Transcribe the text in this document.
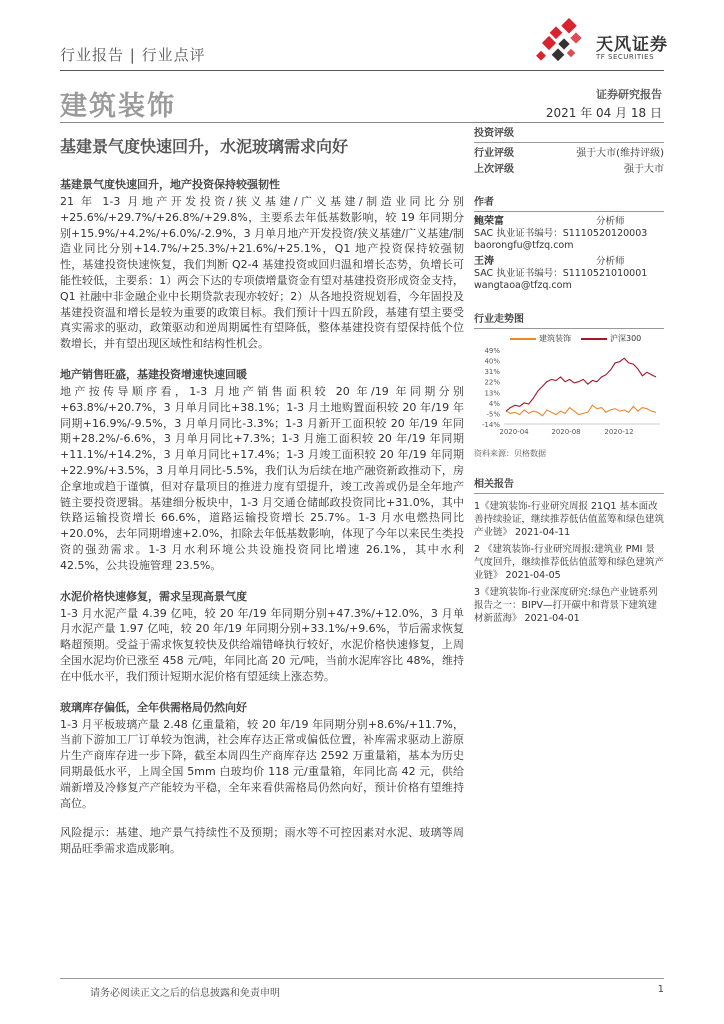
行业报告 | 行业点评	天风证券
TF SECURITIES
建筑装饰	证券研究报告
2021 年 04 月 18 日
基建景气度快速回升，水泥玻璃需求向好
基建景气度快速回升，地产投资保持较强韧性

21 年 1-3 月地产开发投资/狭义基建/广义基建/制造业同比分别+25.6%/+29.7%/+26.8%/+29.8%，主要系去年低基数影响，较 19 年同期分别+15.9%/+4.2%/+6.0%/-2.9%，3 月单月地产开发投资/狭义基建/广义基建/制造业同比分别+14.7%/+25.3%/+21.6%/+25.1%，Q1 地产投资保持较强韧性，基建投资快速恢复，我们判断 Q2-4 基建投资或回归温和增长态势，负增长可能性较低，主要系：1）两会下达的专项债增量资金有望对基建投资形成资金支持，Q1 社融中非金融企业中长期贷款表现亦较好；2）从各地投资规划看，今年固投及基建投资温和增长是较为重要的政策目标。我们预计十四五阶段，基建有望主要受真实需求的驱动，政策驱动和逆周期属性有望降低，整体基建投资有望保持低个位数增长，并有望出现区域性和结构性机会。

地产销售旺盛，基建投资增速快速回暖

地产按传导顺序看，1-3 月地产销售面积较 20 年/19 年同期分别+63.8%/+20.7%，3 月单月同比+38.1%；1-3 月土地购置面积较 20 年/19 年同期+16.9%/-9.5%，3 月单月同比-3.3%；1-3 月新开工面积较 20 年/19 年同期+28.2%/-6.6%，3 月单月同比+7.3%；1-3 月施工面积较 20 年/19 年同期+11.1%/+14.2%，3 月单月同比+17.4%；1-3 月竣工面积较 20 年/19 年同期+22.9%/+3.5%，3 月单月同比-5.5%，我们认为后续在地产融资新政推动下，房企拿地或趋于谨慎，但对存量项目的推进力度有望提升，竣工改善或仍是全年地产链主要投资逻辑。基建细分板块中，1-3 月交通仓储邮政投资同比+31.0%，其中铁路运输投资增长 66.6%，道路运输投资增长 25.7%。1-3 月水电燃热同比+20.0%，去年同期增速+2.0%，扣除去年低基数影响，体现了今年以来民生类投资的强劲需求。1-3 月水利环境公共设施投资同比增速 26.1%，其中水利 42.5%，公共设施管理 23.5%。

水泥价格快速修复，需求呈现高景气度

1-3 月水泥产量 4.39 亿吨，较 20 年/19 年同期分别+47.3%/+12.0%，3 月单月水泥产量 1.97 亿吨，较 20 年/19 年同期分别+33.1%/+9.6%，节后需求恢复略超预期。受益于需求恢复较快及供给端错峰执行较好，水泥价格快速修复，上周全国水泥均价已涨至 458 元/吨，年同比高 20 元/吨，当前水泥库容比 48%，维持在中低水平，我们预计短期水泥价格有望延续上涨态势。

玻璃库存偏低，全年供需格局仍然向好

1-3 月平板玻璃产量 2.48 亿重量箱，较 20 年/19 年同期分别+8.6%/+11.7%，当前下游加工厂订单较为饱满，社会库存达正常或偏低位置，补库需求驱动上游原片生产商库存进一步下降，截至本周四生产商库存达 2592 万重量箱，基本为历史同期最低水平，上周全国 5mm 白玻均价 118 元/重量箱，年同比高 42 元，供给端新增及冷修复产产能较为平稳，全年来看供需格局仍然向好，预计价格有望维持高位。

风险提示：基建、地产景气持续性不及预期；雨水等不可控因素对水泥、玻璃等周期品旺季需求造成影响。

投资评级
行业评级	强于大市(维持评级)
上次评级	强于大市
作者
鲍荣富	分析师
SAC 执业证书编号：S1110520120003
baorongfu@tfzq.com
王涛	分析师
SAC 执业证书编号：S1110521010001
wangtaoa@tfzq.com
行业走势图
建筑装饰	沪深300
49%
40%
31%
22%
13%
4%
-5%
-14%
2020-04	2020-08	2020-12
资料来源：贝格数据
相关报告
1《建筑装饰-行业研究周报 21Q1 基本面改善持续验证，继续推荐低估值蓝筹和绿色建筑产业链》 2021-04-11
2 《建筑装饰-行业研究周报:建筑业 PMI 景气度回升，继续推荐低估值蓝筹和绿色建筑产业链》 2021-04-05
3《建筑装饰-行业深度研究:绿色产业链系列报告之一：BIPV—打开碳中和背景下建筑建材新蓝海》 2021-04-01
请务必阅读正文之后的信息披露和免责申明	1
